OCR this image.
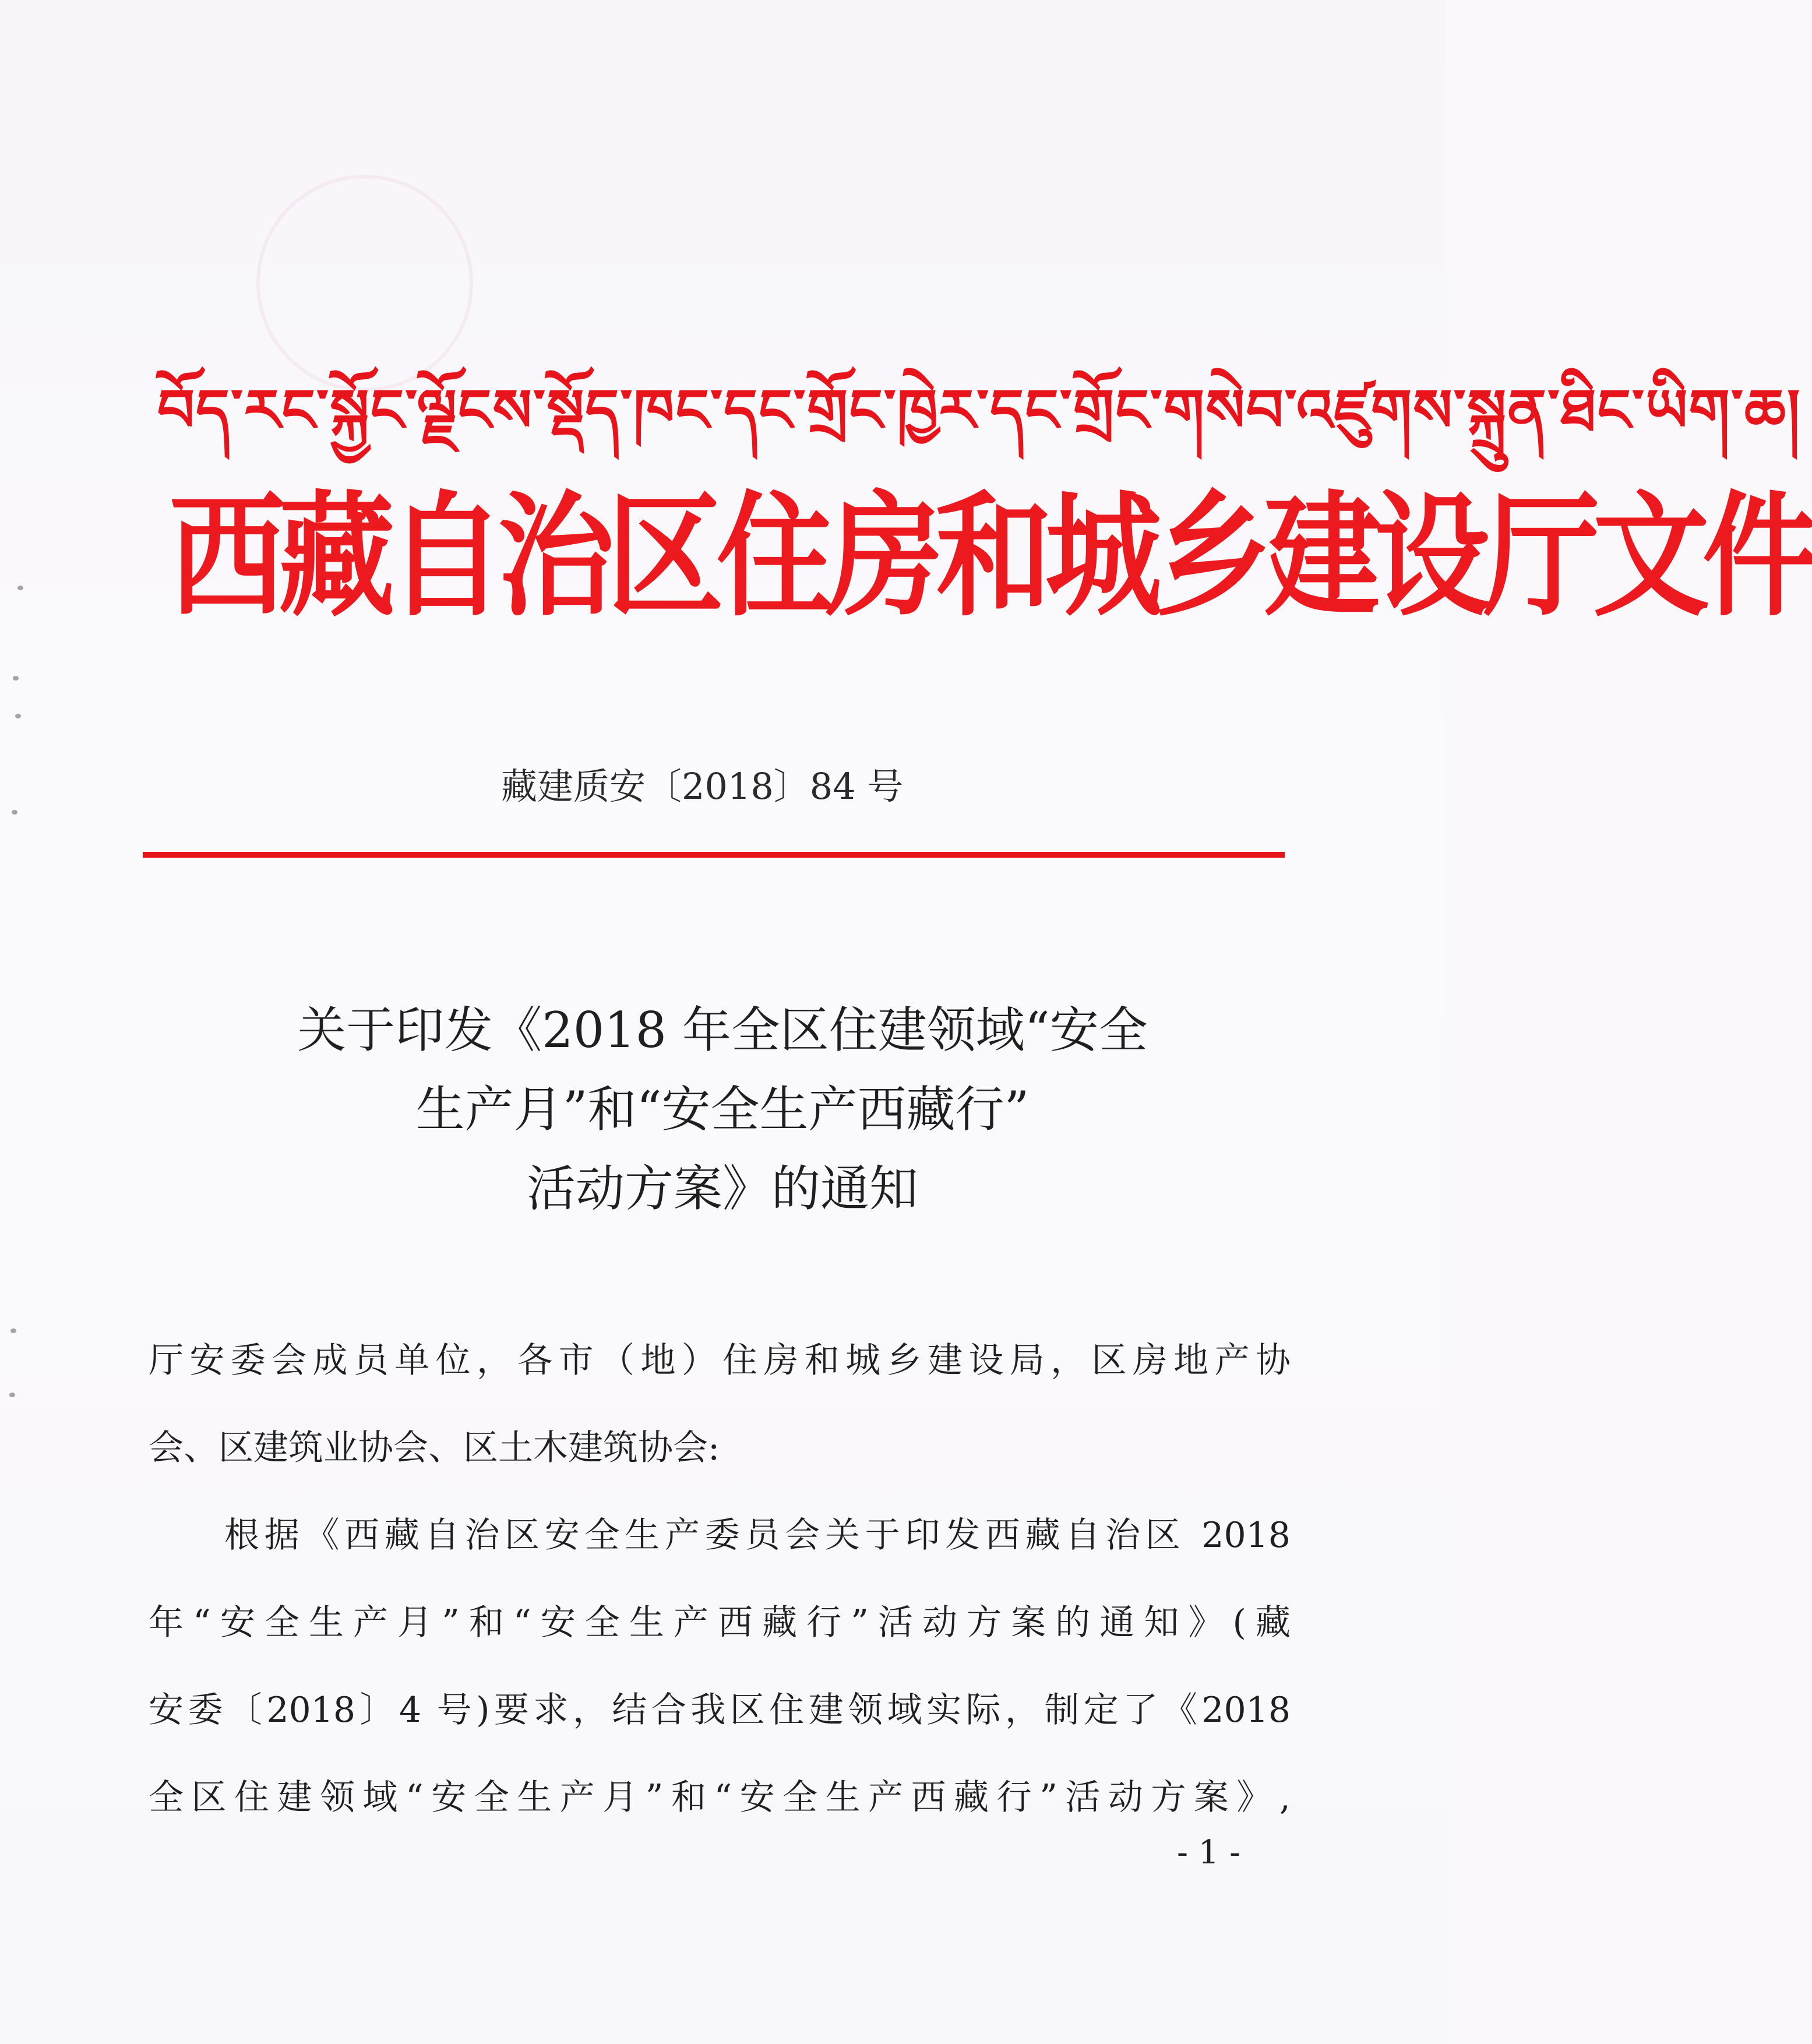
བོད་རང་སྐྱོང་ལྗོངས་སྡོད་ཁང་དང་གྲོང་ཁྱེར་དང་གྲོང་གསེབ་འཛུགས་སྐྲུན་ཐིང་ཡིག་ཆ།
西藏自治区住房和城乡建设厅文件
藏建质安〔2018〕84 号
关于印发《2018 年全区住建领域“安全
生产月”和“安全生产西藏行”
活动方案》的通知
厅安委会成员单位，各市（地）住房和城乡建设局，区房地产协
会、区建筑业协会、区土木建筑协会:
根据《西藏自治区安全生产委员会关于印发西藏自治区 2018
年“安全生产月”和“安全生产西藏行”活动方案的通知》(藏
安委〔2018〕4 号)要求，结合我区住建领域实际，制定了《2018
全区住建领域“安全生产月”和“安全生产西藏行”活动方案》,
- 1 -
